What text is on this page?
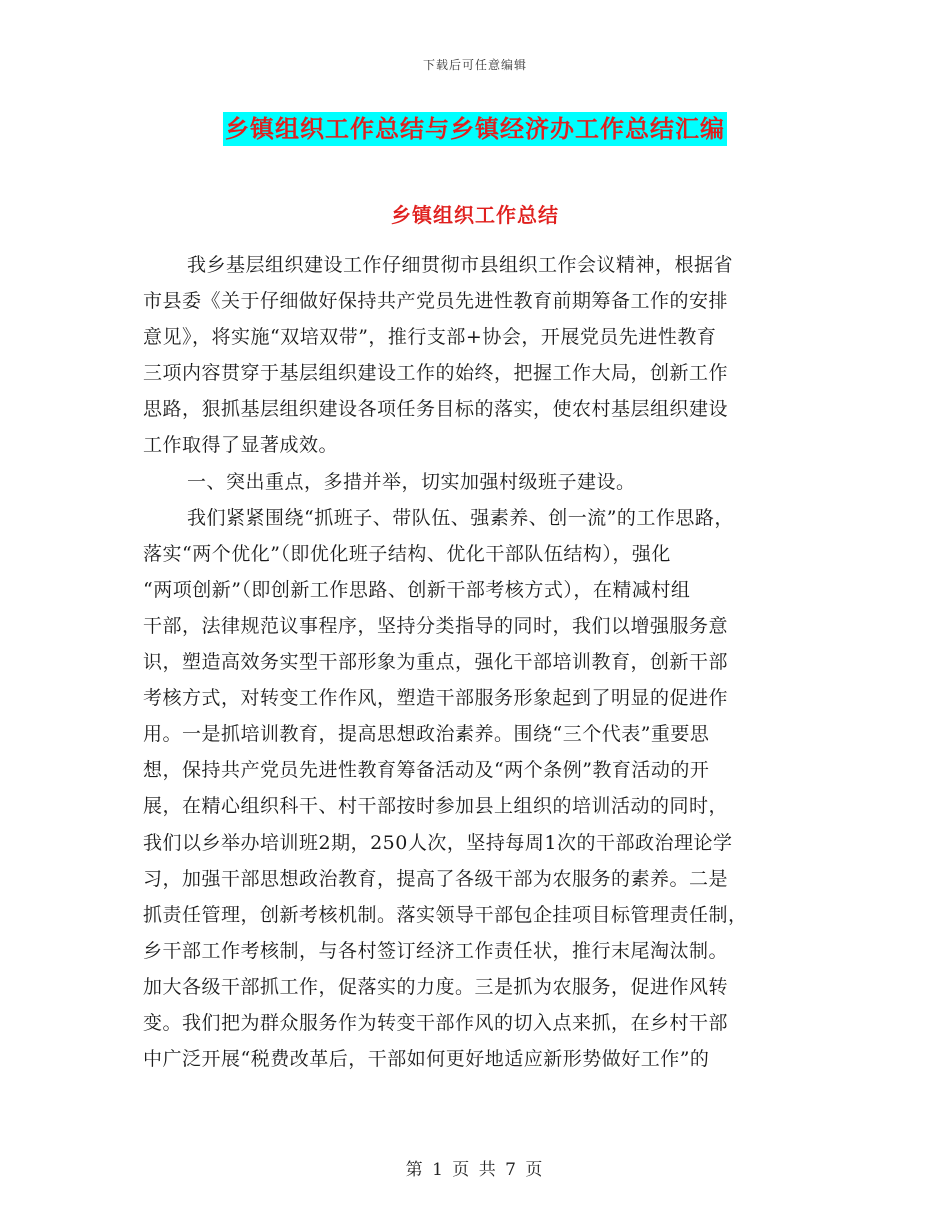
下载后可任意编辑
乡镇组织工作总结与乡镇经济办工作总结汇编
乡镇组织工作总结
我乡基层组织建设工作仔细贯彻市县组织工作会议精神，根据省
市县委《关于仔细做好保持共产党员先进性教育前期筹备工作的安排
意见》，将实施“双培双带”，推行支部+协会，开展党员先进性教育
三项内容贯穿于基层组织建设工作的始终，把握工作大局，创新工作
思路，狠抓基层组织建设各项任务目标的落实，使农村基层组织建设
工作取得了显著成效。
一、突出重点，多措并举，切实加强村级班子建设。
我们紧紧围绕“抓班子、带队伍、强素养、创一流”的工作思路，
落实“两个优化”（即优化班子结构、优化干部队伍结构），强化
“两项创新”（即创新工作思路、创新干部考核方式），在精减村组
干部，法律规范议事程序，坚持分类指导的同时，我们以增强服务意
识，塑造高效务实型干部形象为重点，强化干部培训教育，创新干部
考核方式，对转变工作作风，塑造干部服务形象起到了明显的促进作
用。一是抓培训教育，提高思想政治素养。围绕“三个代表”重要思
想，保持共产党员先进性教育筹备活动及“两个条例”教育活动的开
展，在精心组织科干、村干部按时参加县上组织的培训活动的同时，
我们以乡举办培训班2期，250人次，坚持每周1次的干部政治理论学
习，加强干部思想政治教育，提高了各级干部为农服务的素养。二是
抓责任管理，创新考核机制。落实领导干部包企挂项目标管理责任制，
乡干部工作考核制，与各村签订经济工作责任状，推行末尾淘汰制。
加大各级干部抓工作，促落实的力度。三是抓为农服务，促进作风转
变。我们把为群众服务作为转变干部作风的切入点来抓，在乡村干部
中广泛开展“税费改革后，干部如何更好地适应新形势做好工作”的
第 1 页 共 7 页
